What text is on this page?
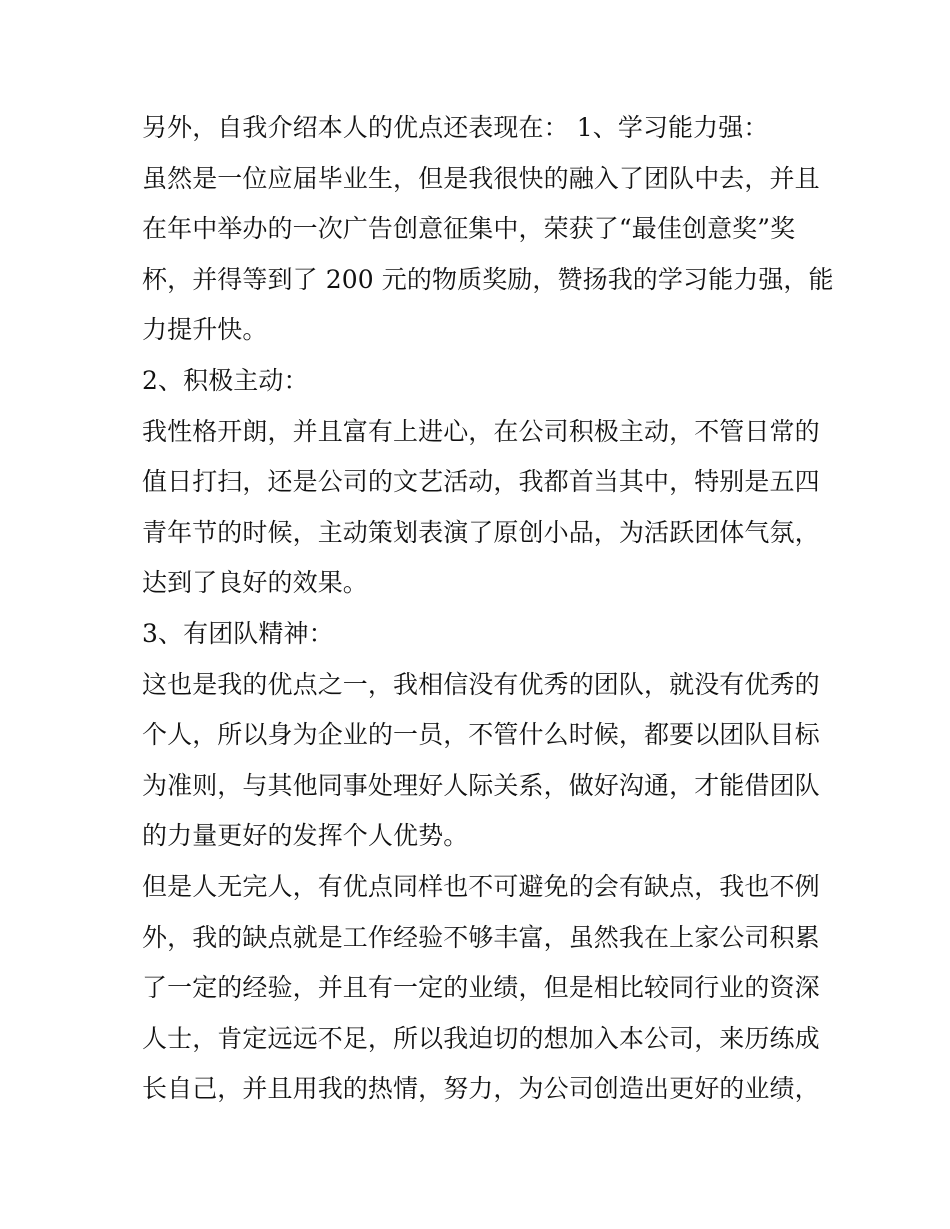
另外，自我介绍本人的优点还表现在： 1、学习能力强：
虽然是一位应届毕业生，但是我很快的融入了团队中去，并且
在年中举办的一次广告创意征集中，荣获了“最佳创意奖”奖
杯，并得等到了 200 元的物质奖励，赞扬我的学习能力强，能
力提升快。
2、积极主动：
我性格开朗，并且富有上进心，在公司积极主动，不管日常的
值日打扫，还是公司的文艺活动，我都首当其中，特别是五四
青年节的时候，主动策划表演了原创小品，为活跃团体气氛，
达到了良好的效果。
3、有团队精神：
这也是我的优点之一，我相信没有优秀的团队，就没有优秀的
个人，所以身为企业的一员，不管什么时候，都要以团队目标
为准则，与其他同事处理好人际关系，做好沟通，才能借团队
的力量更好的发挥个人优势。
但是人无完人，有优点同样也不可避免的会有缺点，我也不例
外，我的缺点就是工作经验不够丰富，虽然我在上家公司积累
了一定的经验，并且有一定的业绩，但是相比较同行业的资深
人士，肯定远远不足，所以我迫切的想加入本公司，来历练成
长自己，并且用我的热情，努力，为公司创造出更好的业绩，
